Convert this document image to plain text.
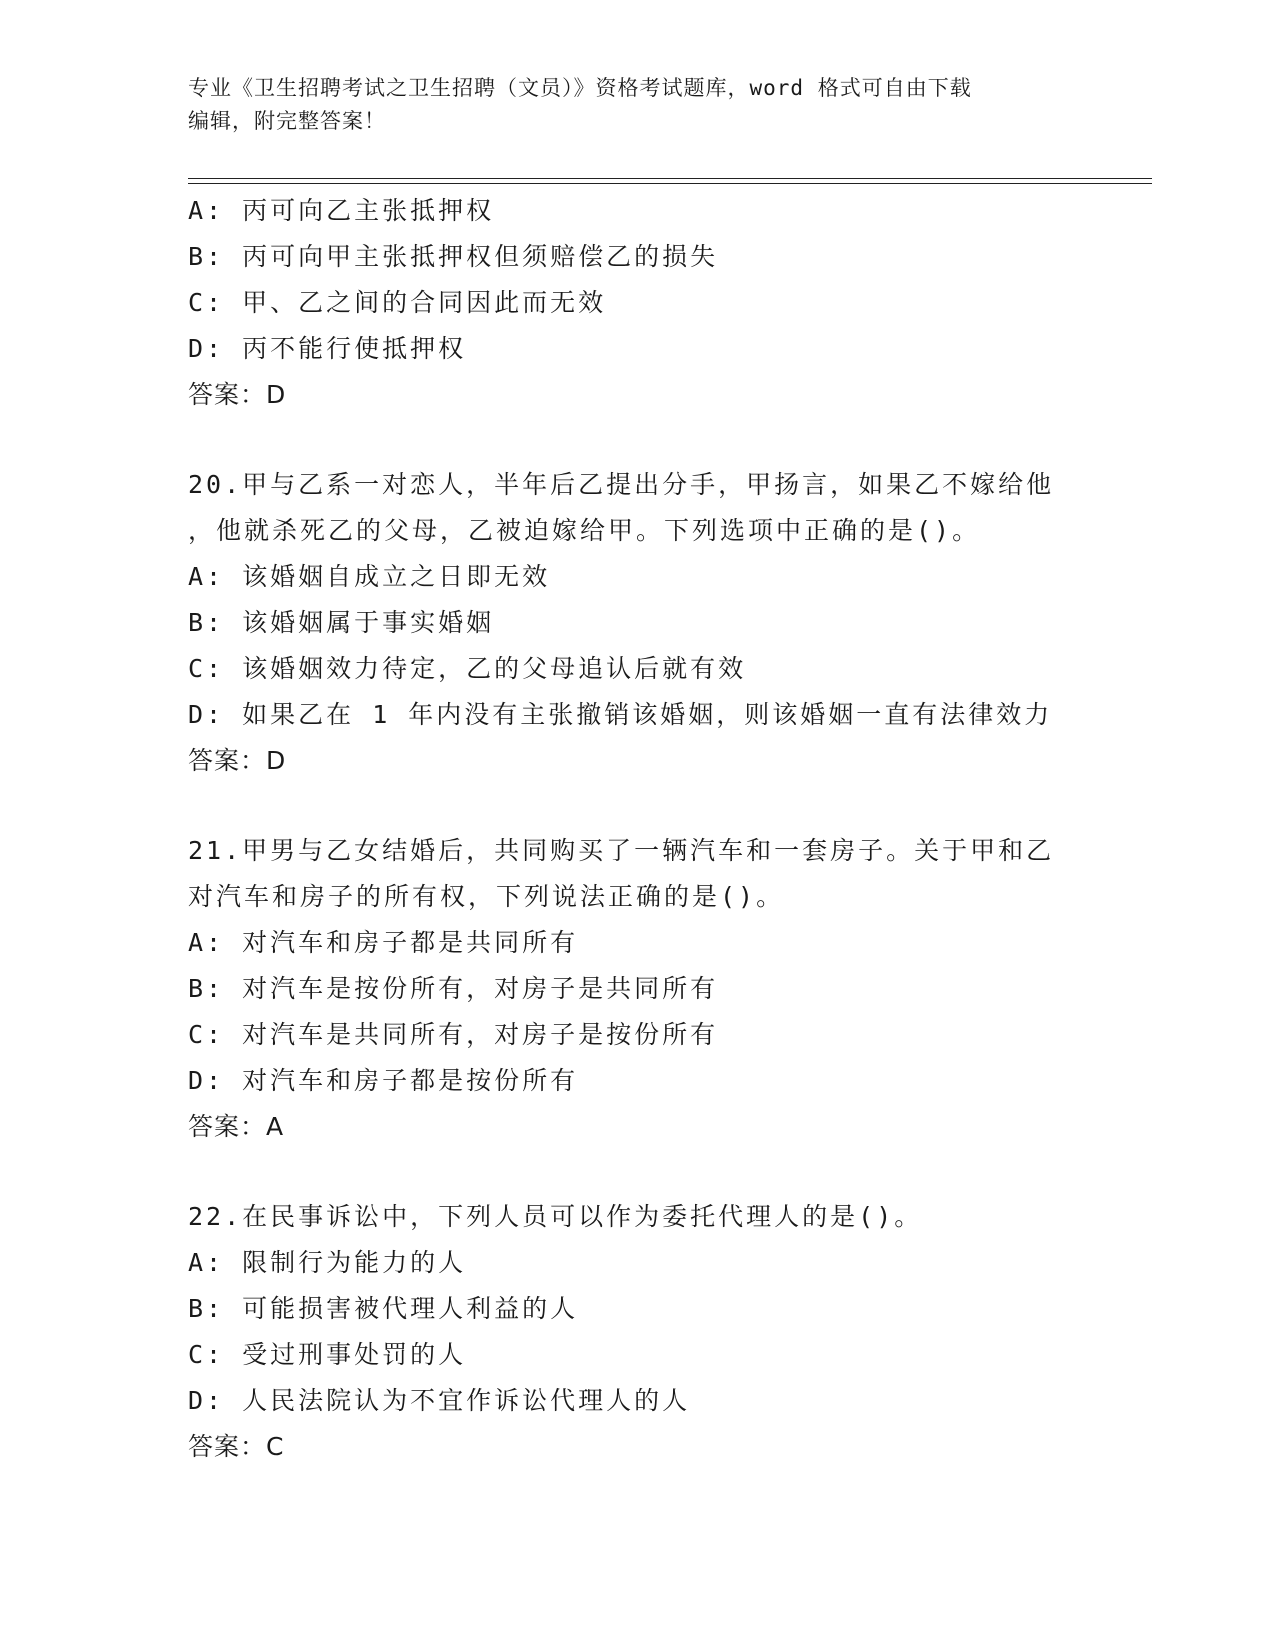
专业《卫生招聘考试之卫生招聘（文员）》资格考试题库，word 格式可自由下载
编辑，附完整答案！
A: 丙可向乙主张抵押权
B: 丙可向甲主张抵押权但须赔偿乙的损失
C: 甲、乙之间的合同因此而无效
D: 丙不能行使抵押权
答案：D
20.甲与乙系一对恋人，半年后乙提出分手，甲扬言，如果乙不嫁给他
，他就杀死乙的父母，乙被迫嫁给甲。下列选项中正确的是()。
A: 该婚姻自成立之日即无效
B: 该婚姻属于事实婚姻
C: 该婚姻效力待定，乙的父母追认后就有效
D: 如果乙在 1 年内没有主张撤销该婚姻，则该婚姻一直有法律效力
答案：D
21.甲男与乙女结婚后，共同购买了一辆汽车和一套房子。关于甲和乙
对汽车和房子的所有权，下列说法正确的是()。
A: 对汽车和房子都是共同所有
B: 对汽车是按份所有，对房子是共同所有
C: 对汽车是共同所有，对房子是按份所有
D: 对汽车和房子都是按份所有
答案：A
22.在民事诉讼中，下列人员可以作为委托代理人的是()。
A: 限制行为能力的人
B: 可能损害被代理人利益的人
C: 受过刑事处罚的人
D: 人民法院认为不宜作诉讼代理人的人
答案：C
